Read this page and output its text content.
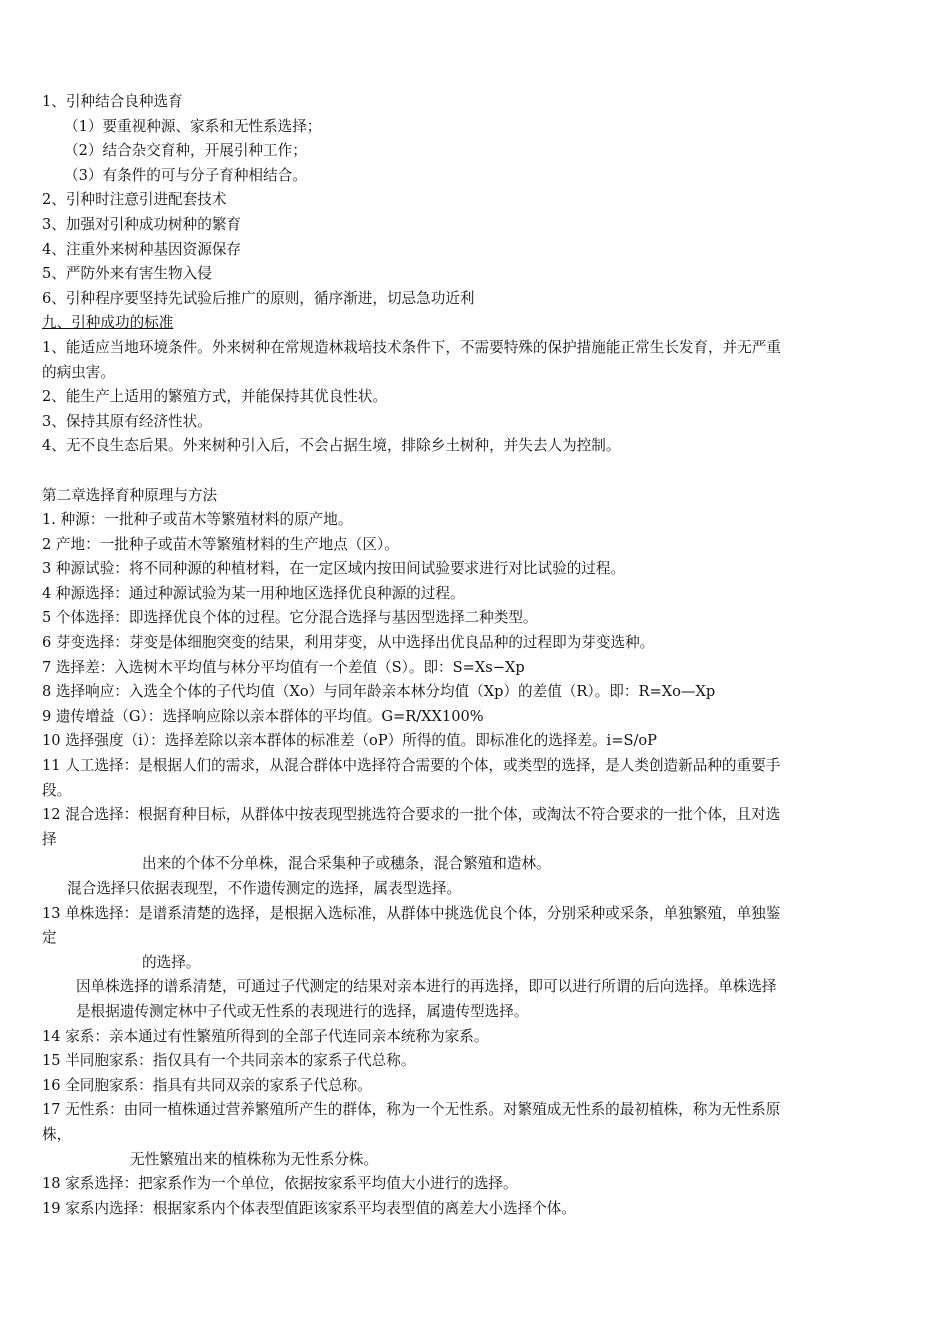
1、引种结合良种选育
（1）要重视种源、家系和无性系选择；
（2）结合杂交育种，开展引种工作；
（3）有条件的可与分子育种相结合。
2、引种时注意引进配套技术
3、加强对引种成功树种的繁育
4、注重外来树种基因资源保存
5、严防外来有害生物入侵
6、引种程序要坚持先试验后推广的原则，循序渐进，切忌急功近利
九、引种成功的标准
1、能适应当地环境条件。外来树种在常规造林栽培技术条件下，不需要特殊的保护措施能正常生长发育，并无严重
的病虫害。
2、能生产上适用的繁殖方式，并能保持其优良性状。
3、保持其原有经济性状。
4、无不良生态后果。外来树种引入后，不会占据生境，排除乡土树种，并失去人为控制。
第二章选择育种原理与方法
1. 种源：一批种子或苗木等繁殖材料的原产地。
2 产地：一批种子或苗木等繁殖材料的生产地点（区）。
3 种源试验：将不同种源的种植材料，在一定区域内按田间试验要求进行对比试验的过程。
4 种源选择：通过种源试验为某一用种地区选择优良种源的过程。
5 个体选择：即选择优良个体的过程。它分混合选择与基因型选择二种类型。
6 芽变选择：芽变是体细胞突变的结果，利用芽变，从中选择出优良品种的过程即为芽变选种。
7 选择差：入选树木平均值与林分平均值有一个差值（S）。即：S=Xs−Xp
8 选择响应：入选全个体的子代均值（Xo）与同年龄亲本林分均值（Xp）的差值（R）。即：R=Xo—Xp
9 遗传增益（G）：选择响应除以亲本群体的平均值。G=R/XX100%
10 选择强度（i）：选择差除以亲本群体的标准差（oP）所得的值。即标准化的选择差。i=S/oP
11 人工选择：是根据人们的需求，从混合群体中选择符合需要的个体，或类型的选择，是人类创造新品种的重要手
段。
12 混合选择：根据育种目标，从群体中按表现型挑选符合要求的一批个体，或淘汰不符合要求的一批个体，且对选
择
出来的个体不分单株，混合采集种子或穗条，混合繁殖和造林。
混合选择只依据表现型，不作遗传测定的选择，属表型选择。
13 单株选择：是谱系清楚的选择，是根据入选标准，从群体中挑选优良个体，分别采种或采条，单独繁殖，单独鉴
定
的选择。
因单株选择的谱系清楚，可通过子代测定的结果对亲本进行的再选择，即可以进行所谓的后向选择。单株选择
是根据遗传测定林中子代或无性系的表现进行的选择，属遗传型选择。
14 家系：亲本通过有性繁殖所得到的全部子代连同亲本统称为家系。
15 半同胞家系：指仅具有一个共同亲本的家系子代总称。
16 全同胞家系：指具有共同双亲的家系子代总称。
17 无性系：由同一植株通过营养繁殖所产生的群体，称为一个无性系。对繁殖成无性系的最初植株，称为无性系原
株，
无性繁殖出来的植株称为无性系分株。
18 家系选择：把家系作为一个单位，依据按家系平均值大小进行的选择。
19 家系内选择：根据家系内个体表型值距该家系平均表型值的离差大小选择个体。
